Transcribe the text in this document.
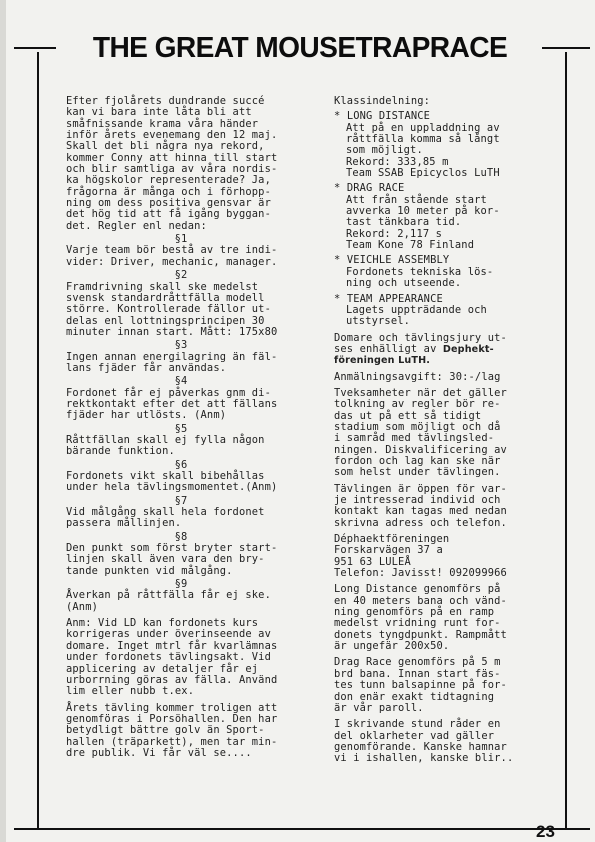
THE GREAT MOUSETRAPRACE
Efter fjolårets dundrande succé
kan vi bara inte låta bli att
småfnissande krama våra händer
inför årets evenemang den 12 maj.
Skall det bli några nya rekord,
kommer Conny att hinna till start
och blir samtliga av våra nordis-
ka högskolor representerade? Ja,
frågorna är många och i förhopp-
ning om dess positiva gensvar är
det hög tid att få igång byggan-
det. Regler enl nedan:
§1
Varje team bör bestå av tre indi-
vider: Driver, mechanic, manager.
§2
Framdrivning skall ske medelst
svensk standardråttfälla modell
större. Kontrollerade fällor ut-
delas enl lottningsprincipen 30
minuter innan start. Mått: 175x80
§3
Ingen annan energilagring än fäl-
lans fjäder får användas.
§4
Fordonet får ej påverkas gnm di-
rektkontakt efter det att fällans
fjäder har utlösts. (Anm)
§5
Råttfällan skall ej fylla någon
bärande funktion.
§6
Fordonets vikt skall bibehållas
under hela tävlingsmomentet.(Anm)
§7
Vid målgång skall hela fordonet
passera mållinjen.
§8
Den punkt som först bryter start-
linjen skall även vara den bry-
tande punkten vid målgång.
§9
Åverkan på råttfälla får ej ske.
(Anm)
Anm: Vid LD kan fordonets kurs
korrigeras under överinseende av
domare. Inget mtrl får kvarlämnas
under fordonets tävlingsakt. Vid
applicering av detaljer får ej
urborrning göras av fälla. Använd
lim eller nubb t.ex.
Årets tävling kommer troligen att
genomföras i Porsöhallen. Den har
betydligt bättre golv än Sport-
hallen (träparkett), men tar min-
dre publik. Vi får väl se....
Klassindelning:
* LONG DISTANCE
Att på en uppladdning av
råttfälla komma så långt
som möjligt.
Rekord: 333,85 m
Team SSAB Epicyclos LuTH
* DRAG RACE
Att från stående start
avverka 10 meter på kor-
tast tänkbara tid.
Rekord: 2,117 s
Team Kone 78 Finland
* VEICHLE ASSEMBLY
Fordonets tekniska lös-
ning och utseende.
* TEAM APPEARANCE
Lagets uppträdande och
utstyrsel.
Domare och tävlingsjury ut-
ses enhälligt av Dephekt-
föreningen LuTH.
Anmälningsavgift: 30:-/lag
Tveksamheter när det gäller
tolkning av regler bör re-
das ut på ett så tidigt
stadium som möjligt och då
i samråd med tävlingsled-
ningen. Diskvalificering av
fordon och lag kan ske när
som helst under tävlingen.
Tävlingen är öppen för var-
je intresserad individ och
kontakt kan tagas med nedan
skrivna adress och telefon.
Déphaektföreningen
Forskarvägen 37 a
951 63 LULEÅ
Telefon: Javisst! 092099966
Long Distance genomförs på
en 40 meters bana och vänd-
ning genomförs på en ramp
medelst vridning runt for-
donets tyngdpunkt. Rampmått
är ungefär 200x50.
Drag Race genomförs på 5 m
brd bana. Innan start fäs-
tes tunn balsapinne på for-
don enär exakt tidtagning
är vår paroll.
I skrivande stund råder en
del oklarheter vad gäller
genomförande. Kanske hamnar
vi i ishallen, kanske blir..
23
